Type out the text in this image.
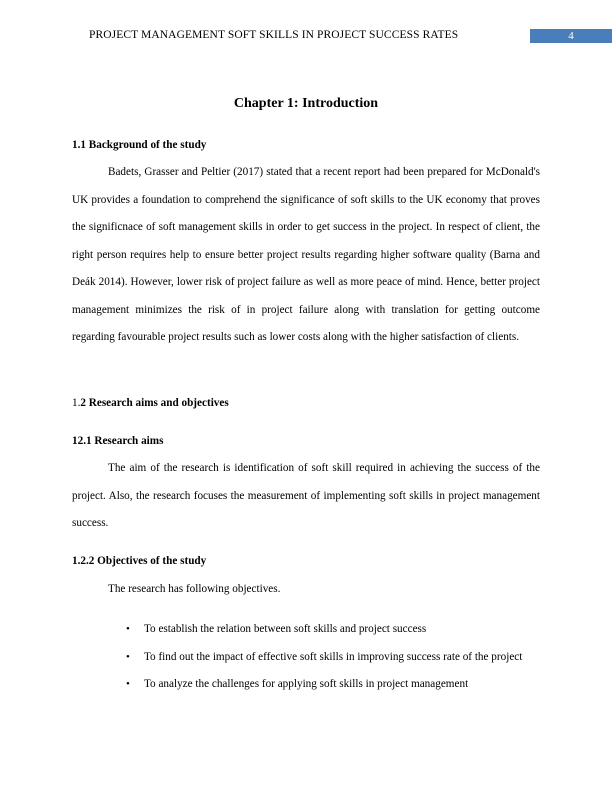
PROJECT MANAGEMENT SOFT SKILLS IN PROJECT SUCCESS RATES	4
Chapter 1: Introduction
1.1 Background of the study

Badets, Grasser and Peltier (2017) stated that a recent report had been prepared for McDonald's UK provides a foundation to comprehend the significance of soft skills to the UK economy that proves the significnace of soft management skills in order to get success in the project. In respect of client, the right person requires help to ensure better project results regarding higher software quality (Barna and Deák 2014). However, lower risk of project failure as well as more peace of mind. Hence, better project management minimizes the risk of in project failure along with translation for getting outcome regarding favourable project results such as lower costs along with the higher satisfaction of clients.

1.2 Research aims and objectives
12.1 Research aims

The aim of the research is identification of soft skill required in achieving the success of the project. Also, the research focuses the measurement of implementing soft skills in project management success.

1.2.2 Objectives of the study
The research has following objectives.
• To establish the relation between soft skills and project success
• To find out the impact of effective soft skills in improving success rate of the project
• To analyze the challenges for applying soft skills in project management
